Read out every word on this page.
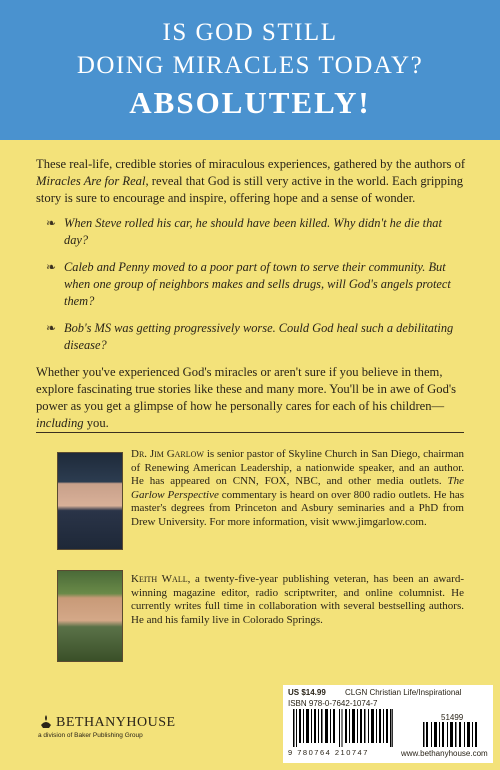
IS GOD STILL
DOING MIRACLES TODAY?
ABSOLUTELY!

These real-life, credible stories of miraculous experiences, gathered by the authors of Miracles Are for Real, reveal that God is still very active in the world. Each gripping story is sure to encourage and inspire, offering hope and a sense of wonder.

❧ When Steve rolled his car, he should have been killed. Why didn't he die that day?
❧ Caleb and Penny moved to a poor part of town to serve their community. But when one group of neighbors makes and sells drugs, will God's angels protect them?
❧ Bob's MS was getting progressively worse. Could God heal such a debilitating disease?

Whether you've experienced God's miracles or aren't sure if you believe in them, explore fascinating true stories like these and many more. You'll be in awe of God's power as you get a glimpse of how he personally cares for each of his children—including you.

Dr. Jim Garlow is senior pastor of Skyline Church in San Diego, chairman of Renewing American Leadership, a nationwide speaker, and an author. He has appeared on CNN, FOX, NBC, and other media outlets. The Garlow Perspective commentary is heard on over 800 radio outlets. He has master's degrees from Princeton and Asbury seminaries and a PhD from Drew University. For more information, visit www.jimgarlow.com.
Keith Wall, a twenty-five-year publishing veteran, has been an award-winning magazine editor, radio scriptwriter, and online columnist. He currently writes full time in collaboration with several bestselling authors. He and his family live in Colorado Springs.
BETHANYHOUSE
a division of Baker Publishing Group
US $14.99 CLGN Christian Life/Inspirational
ISBN 978-0-7642-1074-7
51499
9 780764 210747	www.bethanyhouse.com
